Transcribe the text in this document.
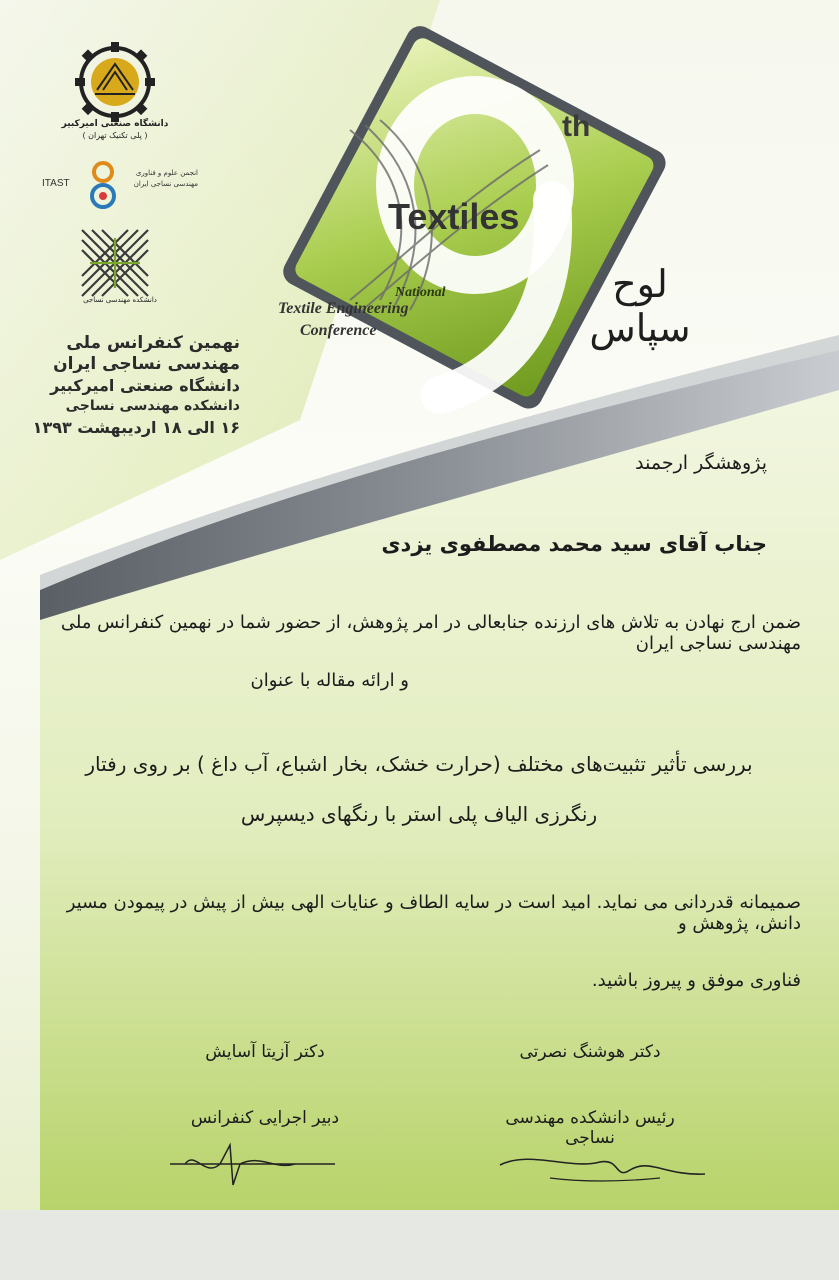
دانشگاه صنعتی امیرکبیر
( پلی تکنیک تهران )
ITAST
انجمن علوم و فناوری مهندسی نساجی ایران
دانشکده مهندسی نساجی
نهمین کنفرانس ملی
مهندسی نساجی ایران
دانشگاه صنعتی امیرکبیر
دانشکده مهندسی نساجی
۱۶ الی ۱۸ اردیبهشت ۱۳۹۳
th
Textiles
National
Textile Engineering
Conference
لوح سپاس
پژوهشگر ارجمند
جناب آقای سید محمد مصطفوی یزدی
ضمن ارج نهادن به تلاش های ارزنده جنابعالی در امر پژوهش، از حضور شما در نهمین کنفرانس ملی مهندسی نساجی ایران
و ارائه مقاله با عنوان
بررسی تأثیر تثبیت‌های مختلف (حرارت خشک، بخار اشباع، آب داغ ) بر روی رفتار
رنگرزی الیاف پلی استر با رنگهای دیسپرس
صمیمانه قدردانی می نماید. امید است در سایه الطاف و عنایات الهی بیش از پیش در پیمودن مسیر دانش، پژوهش و
فناوری موفق و پیروز باشید.
دکتر هوشنگ نصرتی
رئیس دانشکده مهندسی نساجی
دکتر آزیتا آسایش
دبیر اجرایی کنفرانس
